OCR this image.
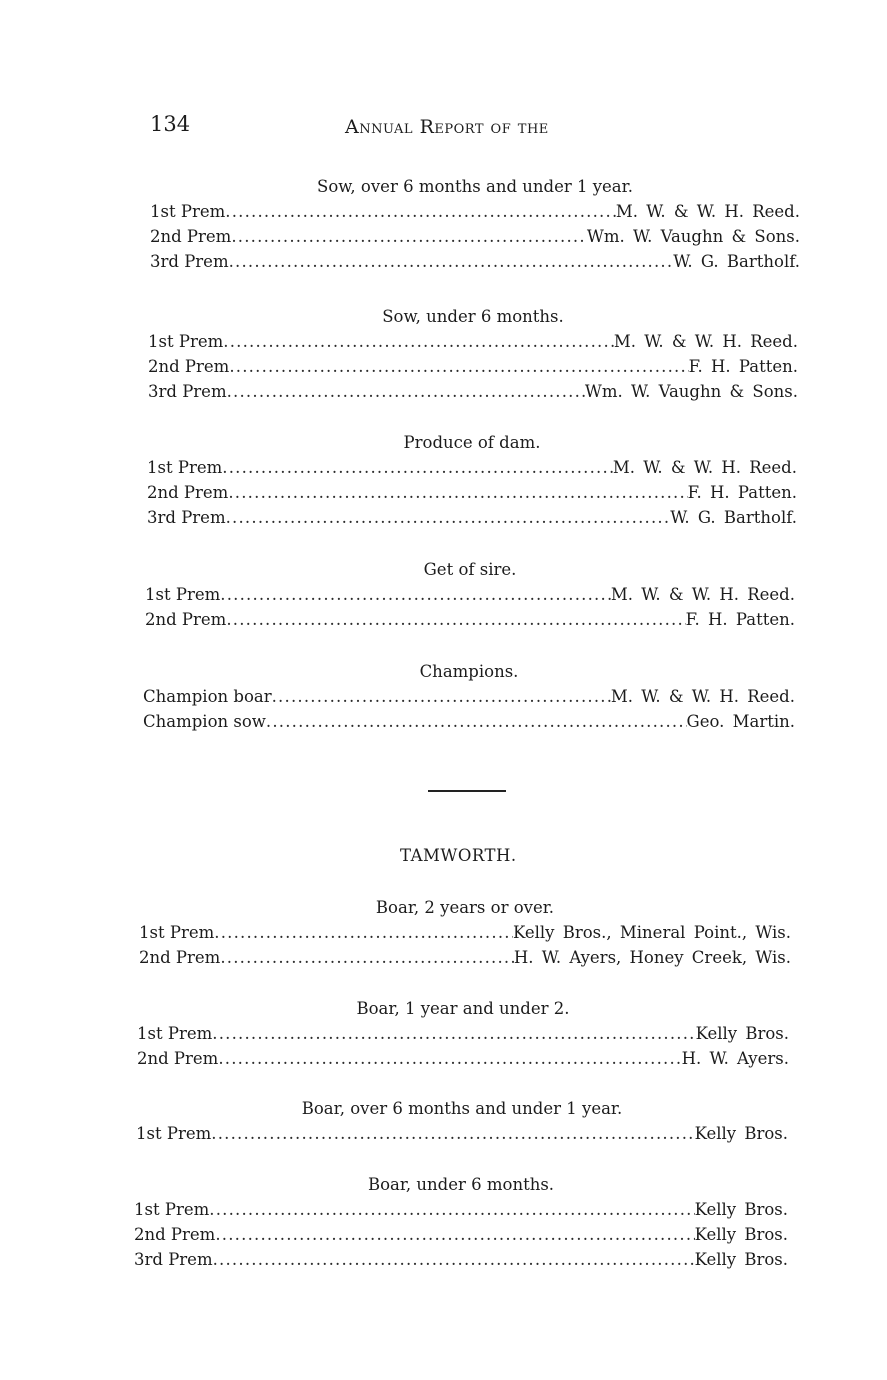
134	Annual Report of the
Sow, over 6 months and under 1 year.
1st Prem .....	M. W. & W. H. Reed.
2nd Prem .....	Wm. W. Vaughn & Sons.
3rd Prem .....	W. G. Bartholf.
Sow, under 6 months.
1st Prem .....	M. W. & W. H. Reed.
2nd Prem .....	F. H. Patten.
3rd Prem .....	Wm. W. Vaughn & Sons.
Produce of dam.
1st Prem .....	M. W. & W. H. Reed.
2nd Prem .....	F. H. Patten.
3rd Prem .....	W. G. Bartholf.
Get of sire.
1st Prem .....	M. W. & W. H. Reed.
2nd Prem .....	F. H. Patten.
Champions.
Champion boar .....	M. W. & W. H. Reed.
Champion sow .....	Geo. Martin.
TAMWORTH.
Boar, 2 years or over.
1st Prem .....	Kelly Bros., Mineral Point., Wis.
2nd Prem .....	H. W. Ayers, Honey Creek, Wis.
Boar, 1 year and under 2.
1st Prem .....	Kelly Bros.
2nd Prem .....	H. W. Ayers.
Boar, over 6 months and under 1 year.
1st Prem .....	Kelly Bros.
Boar, under 6 months.
1st Prem .....	Kelly Bros.
2nd Prem .....	Kelly Bros.
3rd Prem .....	Kelly Bros.
